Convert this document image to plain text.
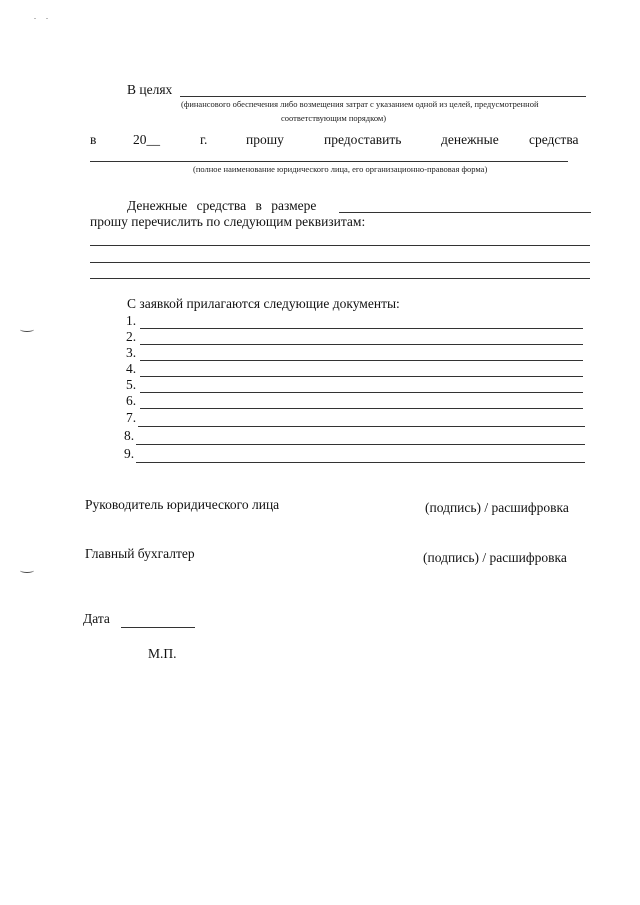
В целях
(финансового обеспечения либо возмещения затрат с указанием одной из целей, предусмотренной
соответствующим порядком)
в	20__	г.	прошу	предоставить	денежные средства
(полное наименование юридического лица, его организационно-правовая форма)
Денежные средства в размере
прошу перечислить по следующим реквизитам:
С заявкой прилагаются следующие документы:
1.
2.
3.
4.
5.
6.
7.
8.
9.
Руководитель юридического лица	(подпись) / расшифровка
Главный бухгалтер	(подпись) / расшифровка
Дата
М.П.
